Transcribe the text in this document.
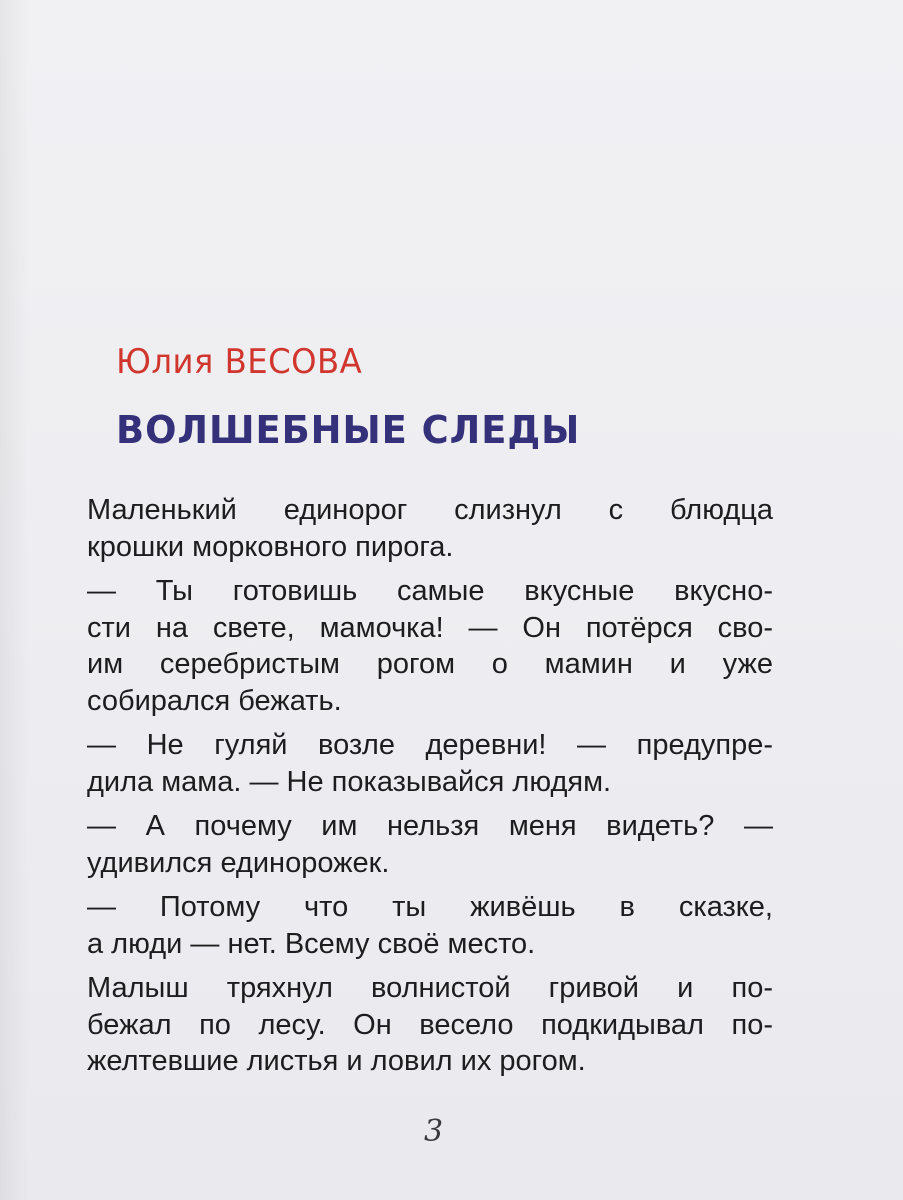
Юлия ВЕСОВА
ВОЛШЕБНЫЕ СЛЕДЫ

Маленький единорог слизнул с блюдца
крошки морковного пирога.

— Ты готовишь самые вкусные вкусно-
сти на свете, мамочка! — Он потёрся сво-
им серебристым рогом о мамин и уже
собирался бежать.

— Не гуляй возле деревни! — предупре-
дила мама. — Не показывайся людям.

— А почему им нельзя меня видеть? —
удивился единорожек.

— Потому что ты живёшь в сказке,
а люди — нет. Всему своё место.

Малыш тряхнул волнистой гривой и по-
бежал по лесу. Он весело подкидывал по-
желтевшие листья и ловил их рогом.

3
